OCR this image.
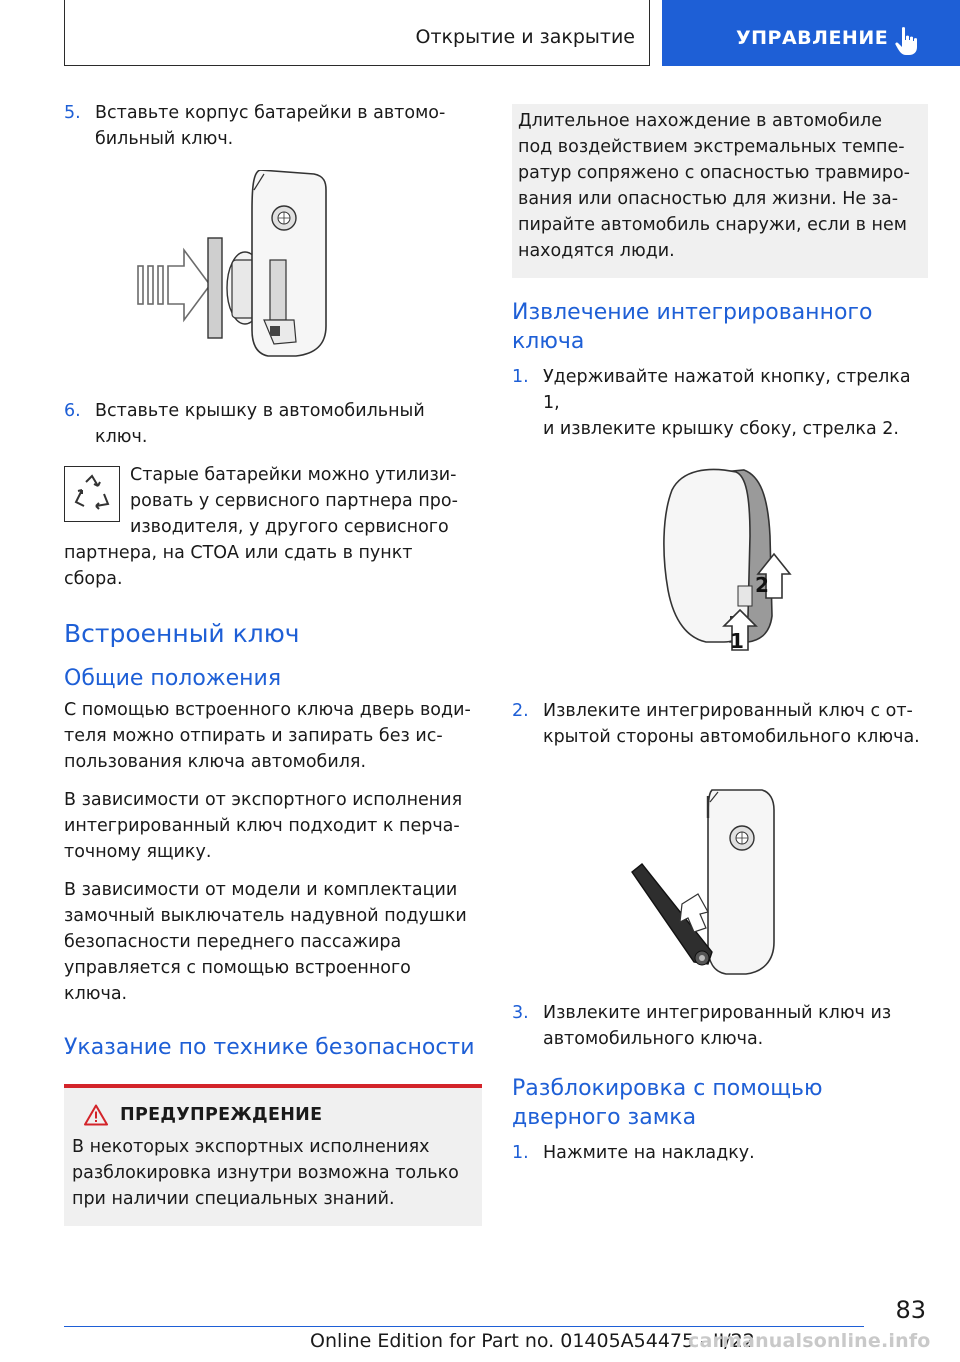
Открытие и закрытие	УПРАВЛЕНИЕ
5. Вставьте корпус батарейки в автомо-
бильный ключ.
6. Вставьте крышку в автомобильный
ключ.
Старые батарейки можно утилизи-
ровать у сервисного партнера про-
изводителя, у другого сервисного
партнера, на СТОА или сдать в пункт
сбора.
Встроенный ключ
Общие положения
С помощью встроенного ключа дверь води-
теля можно отпирать и запирать без ис-
пользования ключа автомобиля.
В зависимости от экспортного исполнения
интегрированный ключ подходит к перча-
точному ящику.
В зависимости от модели и комплектации
замочный выключатель надувной подушки
безопасности переднего пассажира
управляется с помощью встроенного
ключа.
Указание по технике безопасности
ПРЕДУПРЕЖДЕНИЕ
В некоторых экспортных исполнениях
разблокировка изнутри возможна только
при наличии специальных знаний.
Длительное нахождение в автомобиле
под воздействием экстремальных темпе-
ратур сопряжено с опасностью травмиро-
вания или опасностью для жизни. Не за-
пирайте автомобиль снаружи, если в нем
находятся люди.
Извлечение интегрированного
ключа
1. Удерживайте нажатой кнопку, стрелка 1,
и извлеките крышку сбоку, стрелка 2.
2
1
2. Извлеките интегрированный ключ с от-
крытой стороны автомобильного ключа.
3. Извлеките интегрированный ключ из
автомобильного ключа.
Разблокировка с помощью
дверного замка
1. Нажмите на накладку.
83
Online Edition for Part no. 01405A54475 - II/22
carmanualsonline.info
